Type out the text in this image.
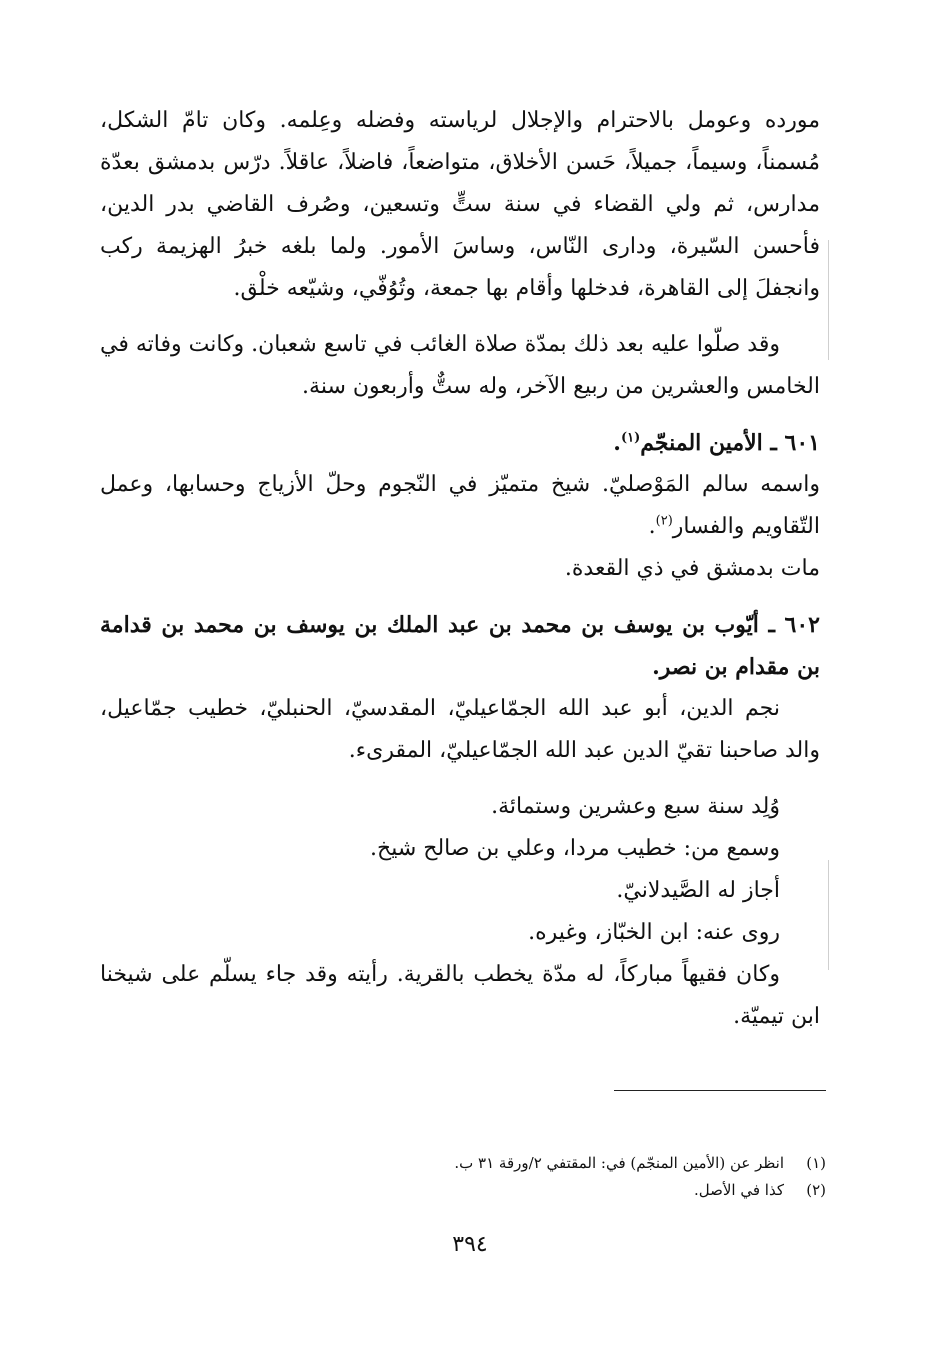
مورده وعومل بالاحترام والإجلال لرياسته وفضله وعِلمه. وكان تامّ الشكل، مُسمناً، وسيماً، جميلاً، حَسن الأخلاق، متواضعاً، فاضلاً، عاقلاً. درّس بدمشق بعدّة مدارس، ثم ولي القضاء في سنة ستٍّ وتسعين، وصُرف القاضي بدر الدين، فأحسن السّيرة، وداری النّاس، وساسَ الأمور. ولما بلغه خبرُ الهزيمة ركب وانجفلَ إلى القاهرة، فدخلها وأقام بها جمعة، وتُوُفّي، وشيّعه خلْق.

وقد صلّوا عليه بعد ذلك بمدّة صلاة الغائب في تاسع شعبان. وكانت وفاته في الخامس والعشرين من ربيع الآخر، وله ستٌّ وأربعون سنة.

٦٠١ ـ الأمين المنجّم$^{(١)}$.

واسمه سالم المَوْصليّ. شيخ متميّز في النّجوم وحلّ الأزياج وحسابها، وعمل التّقاويم والفسار$^{(٢)}$.

مات بدمشق في ذي القعدة.

٦٠٢ ـ أيّوب بن يوسف بن محمد بن عبد الملك بن يوسف بن محمد بن قدامة بن مقدام بن نصر.

نجم الدين، أبو عبد الله الجمّاعيليّ، المقدسيّ، الحنبليّ، خطيب جمّاعيل، والد صاحبنا تقيّ الدين عبد الله الجمّاعيليّ، المقرىء.

وُلِد سنة سبع وعشرين وستمائة.

وسمع من: خطيب مردا، وعلي بن صالح شيخ.

أجاز له الصَّيدلانيّ.

روى عنه: ابن الخبّاز، وغيره.

وكان فقيهاً مباركاً، له مدّة يخطب بالقرية. رأيته وقد جاء يسلّم على شيخنا ابن تيميّة.

(١)
انظر عن (الأمين المنجّم) في: المقتفي ٢/ورقة ٣١ ب.
(٢)
كذا في الأصل.
٣٩٤
